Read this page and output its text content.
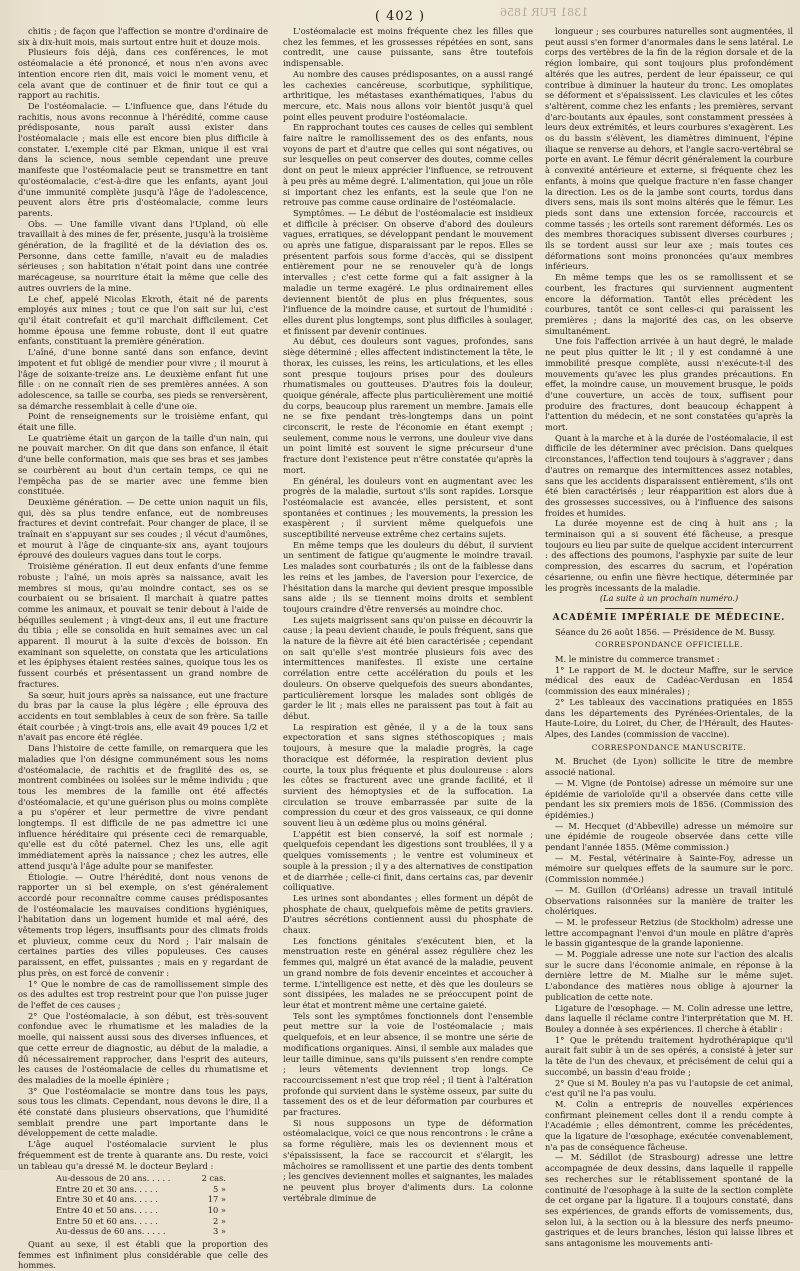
( 402 )	1381 FUR 1856

chitis ; de façon que l'affection se montre d'ordinaire de six à dix-huit mois, mais surtout entre huit et douze mois.

Plusieurs fois déjà, dans ces conférences, le mot ostéomalacie a été prononcé, et nous n'en avons avec intention encore rien dit, mais voici le moment venu, et cela avant que de continuer et de finir tout ce qui a rapport au rachitis.

De l'ostéomalacie. — L'influence que, dans l'étude du rachitis, nous avons reconnue à l'hérédité, comme cause prédisposante, nous paraît aussi exister dans l'ostéomalacie ; mais elle est encore bien plus difficile à constater. L'exemple cité par Ekman, unique il est vrai dans la science, nous semble cependant une preuve manifeste que l'ostéomalacie peut se transmettre en tant qu'ostéomalacie, c'est-à-dire que les enfants, ayant joui d'une immunité complète jusqu'à l'âge de l'adolescence, peuvent alors être pris d'ostéomalacie, comme leurs parents.

Obs. — Une famille vivant dans l'Upland, où elle travaillait à des mines de fer, présente, jusqu'à la troisième génération, de la fragilité et de la déviation des os. Personne, dans cette famille, n'avait eu de maladies sérieuses ; son habitation n'était point dans une contrée marécageuse, sa nourriture était la même que celle des autres ouvriers de la mine.

Le chef, appelé Nicolas Ekroth, était né de parents employés aux mines ; tout ce que l'on sait sur lui, c'est qu'il était contrefait et qu'il marchait difficilement. Cet homme épousa une femme robuste, dont il eut quatre enfants, constituant la première génération.

L'aîné, d'une bonne santé dans son enfance, devint impotent et fut obligé de mendier pour vivre ; il mourut à l'âge de soixante-treize ans. Le deuxième enfant fut une fille : on ne connaît rien de ses premières années. A son adolescence, sa taille se courba, ses pieds se renversèrent, sa démarche ressemblait à celle d'une oie.

Point de renseignements sur le troisième enfant, qui était une fille.

Le quatrième était un garçon de la taille d'un nain, qui ne pouvait marcher. On dit que dans son enfance, il était d'une belle conformation, mais que ses bras et ses jambes se courbèrent au bout d'un certain temps, ce qui ne l'empêcha pas de se marier avec une femme bien constituée.

Deuxième génération. — De cette union naquit un fils, qui, dès sa plus tendre enfance, eut de nombreuses fractures et devint contrefait. Pour changer de place, il se traînait en s'appuyant sur ses coudes ; il vécut d'aumônes, et mourut à l'âge de cinquante-six ans, ayant toujours éprouvé des douleurs vagues dans tout le corps.

Troisième génération. Il eut deux enfants d'une femme robuste ; l'aîné, un mois après sa naissance, avait les membres si mous, qu'au moindre contact, ses os se courbaient ou se brisaient. Il marchait à quatre pattes comme les animaux, et pouvait se tenir debout à l'aide de béquilles seulement ; à vingt-deux ans, il eut une fracture du tibia ; elle se consolida en huit semaines avec un cal apparent. Il mourut à la suite d'excès de boisson. En examinant son squelette, on constata que les articulations et les épiphyses étaient restées saines, quoique tous les os fussent courbés et présentassent un grand nombre de fractures.

Sa sœur, huit jours après sa naissance, eut une fracture du bras par la cause la plus légère ; elle éprouva des accidents en tout semblables à ceux de son frère. Sa taille était courbée ; à vingt-trois ans, elle avait 49 pouces 1/2 et n'avait pas encore été réglée.

Dans l'histoire de cette famille, on remarquera que les maladies que l'on désigne communément sous les noms d'ostéomalacie, de rachitis et de fragilité des os, se montrent combinées ou isolées sur le même individu ; que tous les membres de la famille ont été affectés d'ostéomalacie, et qu'une guérison plus ou moins complète a pu s'opérer et leur permettre de vivre pendant longtemps. Il est difficile de ne pas admettre ici une influence héréditaire qui présente ceci de remarquable, qu'elle est du côté paternel. Chez les uns, elle agit immédiatement après la naissance ; chez les autres, elle attend jusqu'à l'âge adulte pour se manifester.

Étiologie. — Outre l'hérédité, dont nous venons de rapporter un si bel exemple, on s'est généralement accordé pour reconnaître comme causes prédisposantes de l'ostéomalacie les mauvaises conditions hygiéniques, l'habitation dans un logement humide et mal aéré, des vêtements trop légers, insuffisants pour des climats froids et pluvieux, comme ceux du Nord ; l'air malsain de certaines parties des villes populeuses. Ces causes paraissent, en effet, puissantes ; mais en y regardant de plus près, on est forcé de convenir :

1° Que le nombre de cas de ramollissement simple des os des adultes est trop restreint pour que l'on puisse juger de l'effet de ces causes ;

2° Que l'ostéomalacie, à son début, est très-souvent confondue avec le rhumatisme et les maladies de la moelle, qui naissent aussi sous des diverses influences, et que cette erreur de diagnostic, au début de la maladie, a dû nécessairement rapprocher, dans l'esprit des auteurs, les causes de l'ostéomalacie de celles du rhumatisme et des maladies de la moelle épinière ;

3° Que l'ostéomalacie se montre dans tous les pays, sous tous les climats. Cependant, nous devons le dire, il a été constaté dans plusieurs observations, que l'humidité semblait prendre une part importante dans le développement de cette maladie.

L'âge auquel l'ostéomalacie survient le plus fréquemment est de trente à quarante ans. Du reste, voici un tableau qu'a dressé M. le docteur Beylard :

Au-dessous de 20 ans. . . . .	2 cas.
Entre 20 et 30 ans. . . . .	5 »
Entre 30 et 40 ans. . . . .	17 »
Entre 40 et 50 ans. . . . .	10 »
Entre 50 et 60 ans. . . . .	2 »
Au-dessus de 60 ans. . . . .	3 »

Quant au sexe, il est établi que la proportion des femmes est infiniment plus considérable que celle des hommes.

L'ostéomalacie est moins fréquente chez les filles que chez les femmes, et les grossesses répétées en sont, sans contredit, une cause puissante, sans être toutefois indispensable.

Au nombre des causes prédisposantes, on a aussi rangé les cachexies cancéreuse, scorbutique, syphilitique, arthritique, les métastases exanthématiques, l'abus du mercure, etc. Mais nous allons voir bientôt jusqu'à quel point elles peuvent produire l'ostéomalacie.

En rapprochant toutes ces causes de celles qui semblent faire naître le ramollissement des os des enfants, nous voyons de part et d'autre que celles qui sont négatives, ou sur lesquelles on peut conserver des doutes, comme celles dont on peut le mieux apprécier l'influence, se retrouvent à peu près au même degré. L'alimentation, qui joue un rôle si important chez les enfants, est la seule que l'on ne retrouve pas comme cause ordinaire de l'ostéomalacie.

Symptômes. — Le début de l'ostéomalacie est insidieux et difficile à préciser. On observe d'abord des douleurs vagues, erratiques, se développant pendant le mouvement ou après une fatigue, disparaissant par le repos. Elles se présentent parfois sous forme d'accès, qui se dissipent entièrement pour ne se renouveler qu'à de longs intervalles ; c'est cette forme qui a fait assigner à la maladie un terme exagéré. Le plus ordinairement elles deviennent bientôt de plus en plus fréquentes, sous l'influence de la moindre cause, et surtout de l'humidité : elles durent plus longtemps, sont plus difficiles à soulager, et finissent par devenir continues.

Au début, ces douleurs sont vagues, profondes, sans siège déterminé ; elles affectent indistinctement la tête, le thorax, les cuisses, les reins, les articulations, et les elles sont presque toujours prises pour des douleurs rhumatismales ou goutteuses. D'autres fois la douleur, quoique générale, affecte plus particulièrement une moitié du corps, beaucoup plus rarement un membre. Jamais elle ne se fixe pendant très-longtemps dans un point circonscrit, le reste de l'économie en étant exempt ; seulement, comme nous le verrons, une douleur vive dans un point limité est souvent le signe précurseur d'une fracture dont l'existence peut n'être constatée qu'après la mort.

En général, les douleurs vont en augmentant avec les progrès de la maladie, surtout s'ils sont rapides. Lorsque l'ostéomalacie est avancée, elles persistent, et sont spontanées et continues ; les mouvements, la pression les exaspèrent ; il survient même quelquefois une susceptibilité nerveuse extrême chez certains sujets.

En même temps que les douleurs du début, il survient un sentiment de fatigue qu'augmente le moindre travail. Les malades sont courbaturés ; ils ont de la faiblesse dans les reins et les jambes, de l'aversion pour l'exercice, de l'hésitation dans la marche qui devient presque impossible sans aide ; ils se tiennent moins droits et semblent toujours craindre d'être renversés au moindre choc.

Les sujets maigrissent sans qu'on puisse en découvrir la cause ; la peau devient chaude, le pouls fréquent, sans que la nature de la fièvre ait été bien caractérisée ; cependant on sait qu'elle s'est montrée plusieurs fois avec des intermittences manifestes. Il existe une certaine corrélation entre cette accélération du pouls et les douleurs. On observe quelquefois des sueurs abondantes, particulièrement lorsque les malades sont obligés de garder le lit ; mais elles ne paraissent pas tout à fait au début.

La respiration est gênée, il y a de la toux sans expectoration et sans signes stéthoscopiques ; mais toujours, à mesure que la maladie progrès, la cage thoracique est déformée, la respiration devient plus courte, la toux plus fréquente et plus douloureuse : alors les côtes se fracturent avec une grande facilité, et il survient des hémoptysies et de la suffocation. La circulation se trouve embarrassée par suite de la compression du cœur et des gros vaisseaux, ce qui donne souvent lieu à un œdème plus ou moins général.

L'appétit est bien conservé, la soif est normale ; quelquefois cependant les digestions sont troublées, il y a quelques vomissements ; le ventre est volumineux et souple à la pression ; il y a des alternatives de constipation et de diarrhée ; celle-ci finit, dans certains cas, par devenir colliquative.

Les urines sont abondantes ; elles forment un dépôt de phosphate de chaux, quelquefois même de petits graviers. D'autres sécrétions contiennent aussi du phosphate de chaux.

Les fonctions génitales s'exécutent bien, et la menstruation reste en général assez régulière chez les femmes qui, malgré un état avancé de la maladie, peuvent un grand nombre de fois devenir enceintes et accoucher à terme. L'intelligence est nette, et dès que les douleurs se sont dissipées, les malades ne se préoccupent point de leur état et montrent même une certaine gaieté.

Tels sont les symptômes fonctionnels dont l'ensemble peut mettre sur la voie de l'ostéomalacie ; mais quelquefois, et en leur absence, il se montre une série de modifications organiques. Ainsi, il semble aux malades que leur taille diminue, sans qu'ils puissent s'en rendre compte ; leurs vêtements deviennent trop longs. Ce raccourcissement n'est que trop réel ; il tient à l'altération profonde qui survient dans le système osseux, par suite du tassement des os et de leur déformation par courbures et par fractures.

Si nous supposons un type de déformation ostéomalacique, voici ce que nous rencontrons : le crâne a sa forme régulière, mais les os deviennent mous et s'épaississent, la face se raccourcit et s'élargit, les mâchoires se ramollissent et une partie des dents tombent ; les gencives deviennent molles et saignantes, les malades ne peuvent plus broyer d'aliments durs. La colonne vertébrale diminue de

longueur ; ses courbures naturelles sont augmentées, il peut aussi s'en former d'anormales dans le sens latéral. Le corps des vertèbres de la fin de la région dorsale et de la région lombaire, qui sont toujours plus profondément altérés que les autres, perdent de leur épaisseur, ce qui contribue à diminuer la hauteur du tronc. Les omoplates se déforment et s'épaississent. Les clavicules et les côtes s'altèrent, comme chez les enfants ; les premières, servant d'arc-boutants aux épaules, sont constamment pressées à leurs deux extrémités, et leurs courbures s'exagèrent. Les os du bassin s'élèvent, les diamètres diminuent, l'épine iliaque se renverse au dehors, et l'angle sacro-vertébral se porte en avant. Le fémur décrit généralement la courbure à convexité antérieure et externe, si fréquente chez les enfants, à moins que quelque fracture n'en fasse changer la direction. Les os de la jambe sont courts, tordus dans divers sens, mais ils sont moins altérés que le fémur. Les pieds sont dans une extension forcée, raccourcis et comme tassés ; les orteils sont rarement déformés. Les os des membres thoraciques subissent diverses courbures ; ils se tordent aussi sur leur axe ; mais toutes ces déformations sont moins prononcées qu'aux membres inférieurs.

En même temps que les os se ramollissent et se courbent, les fractures qui surviennent augmentent encore la déformation. Tantôt elles précèdent les courbures, tantôt ce sont celles-ci qui paraissent les premières ; dans la majorité des cas, on les observe simultanément.

Une fois l'affection arrivée à un haut degré, le malade ne peut plus quitter le lit ; il y est condamné à une immobilité presque complète, aussi n'exécute-t-il des mouvements qu'avec les plus grandes précautions. En effet, la moindre cause, un mouvement brusque, le poids d'une couverture, un accès de toux, suffisent pour produire des fractures, dont beaucoup échappent à l'attention du médecin, et ne sont constatées qu'après la mort.

Quant à la marche et à la durée de l'ostéomalacie, il est difficile de les déterminer avec précision. Dans quelques circonstances, l'affection tend toujours à s'aggraver ; dans d'autres on remarque des intermittences assez notables, sans que les accidents disparaissent entièrement, s'ils ont été bien caractérisés ; leur réapparition est alors due à des grossesses successives, ou à l'influence des saisons froides et humides.

La durée moyenne est de cinq à huit ans ; la terminaison qui a si souvent été fâcheuse, a presque toujours eu lieu par suite de quelque accident intercurrent : des affections des poumons, l'asphyxie par suite de leur compression, des escarres du sacrum, et l'opération césarienne, ou enfin une fièvre hectique, déterminée par les progrès incessants de la maladie.

(La suite à un prochain numéro.)

ACADÉMIE IMPÉRIALE DE MÉDECINE.

Séance du 26 août 1856. — Présidence de M. Bussy.

CORRESPONDANCE OFFICIELLE.

M. le ministre du commerce transmet :

1° Le rapport de M. le docteur Maffre, sur le service médical des eaux de Cadéac-Verdusan en 1854 (commission des eaux minérales) ;

2° Les tableaux des vaccinations pratiquées en 1855 dans les départements des Pyrénées-Orientales, de la Haute-Loire, du Loiret, du Cher, de l'Hérault, des Hautes-Alpes, des Landes (commission de vaccine).

CORRESPONDANCE MANUSCRITE.

M. Bruchet (de Lyon) sollicite le titre de membre associé national.

— M. Vigne (de Pontoise) adresse un mémoire sur une épidémie de varioloïde qu'il a observée dans cette ville pendant les six premiers mois de 1856. (Commission des épidémies.)

— M. Hecquet (d'Abbeville) adresse un mémoire sur une épidémie de rougeole observée dans cette ville pendant l'année 1855. (Même commission.)

— M. Festal, vétérinaire à Sainte-Foy, adresse un mémoire sur quelques effets de la saumure sur le porc. (Commission nommée.)

— M. Guillon (d'Orléans) adresse un travail intitulé Observations raisonnées sur la manière de traiter les cholériques.

— M. le professeur Retzius (de Stockholm) adresse une lettre accompagnant l'envoi d'un moule en plâtre d'après le bassin gigantesque de la grande laponienne.

— M. Poggiale adresse une note sur l'action des alcalis sur le sucre dans l'économie animale, en réponse à la dernière lettre de M. Mialhe sur le même sujet. L'abondance des matières nous oblige à ajourner la publication de cette note.

Ligature de l'œsophage. — M. Colin adresse une lettre, dans laquelle il réclame contre l'interprétation que M. H. Bouley a donnée à ses expériences. Il cherche à établir :

1° Que le prétendu traitement hydrothérapique qu'il aurait fait subir à un de ses opérés, a consisté à jeter sur la tête de l'un des chevaux, et précisément de celui qui a succombé, un bassin d'eau froide ;

2° Que si M. Bouley n'a pas vu l'autopsie de cet animal, c'est qu'il ne l'a pas voulu.

M. Colin a entrepris de nouvelles expériences confirmant pleinement celles dont il a rendu compte à l'Académie ; elles démontrent, comme les précédentes, que la ligature de l'œsophage, exécutée convenablement, n'a pas de conséquence fâcheuse.

— M. Sédillot (de Strasbourg) adresse une lettre accompagnée de deux dessins, dans laquelle il rappelle ses recherches sur le rétablissement spontané de la continuité de l'œsophage à la suite de la section complète de cet organe par la ligature. Il a toujours constaté, dans ses expériences, de grands efforts de vomissements, dus, selon lui, à la section ou à la blessure des nerfs pneumo-gastriques et de leurs branches, lésion qui laisse libres et sans antagonisme les mouvements anti-
